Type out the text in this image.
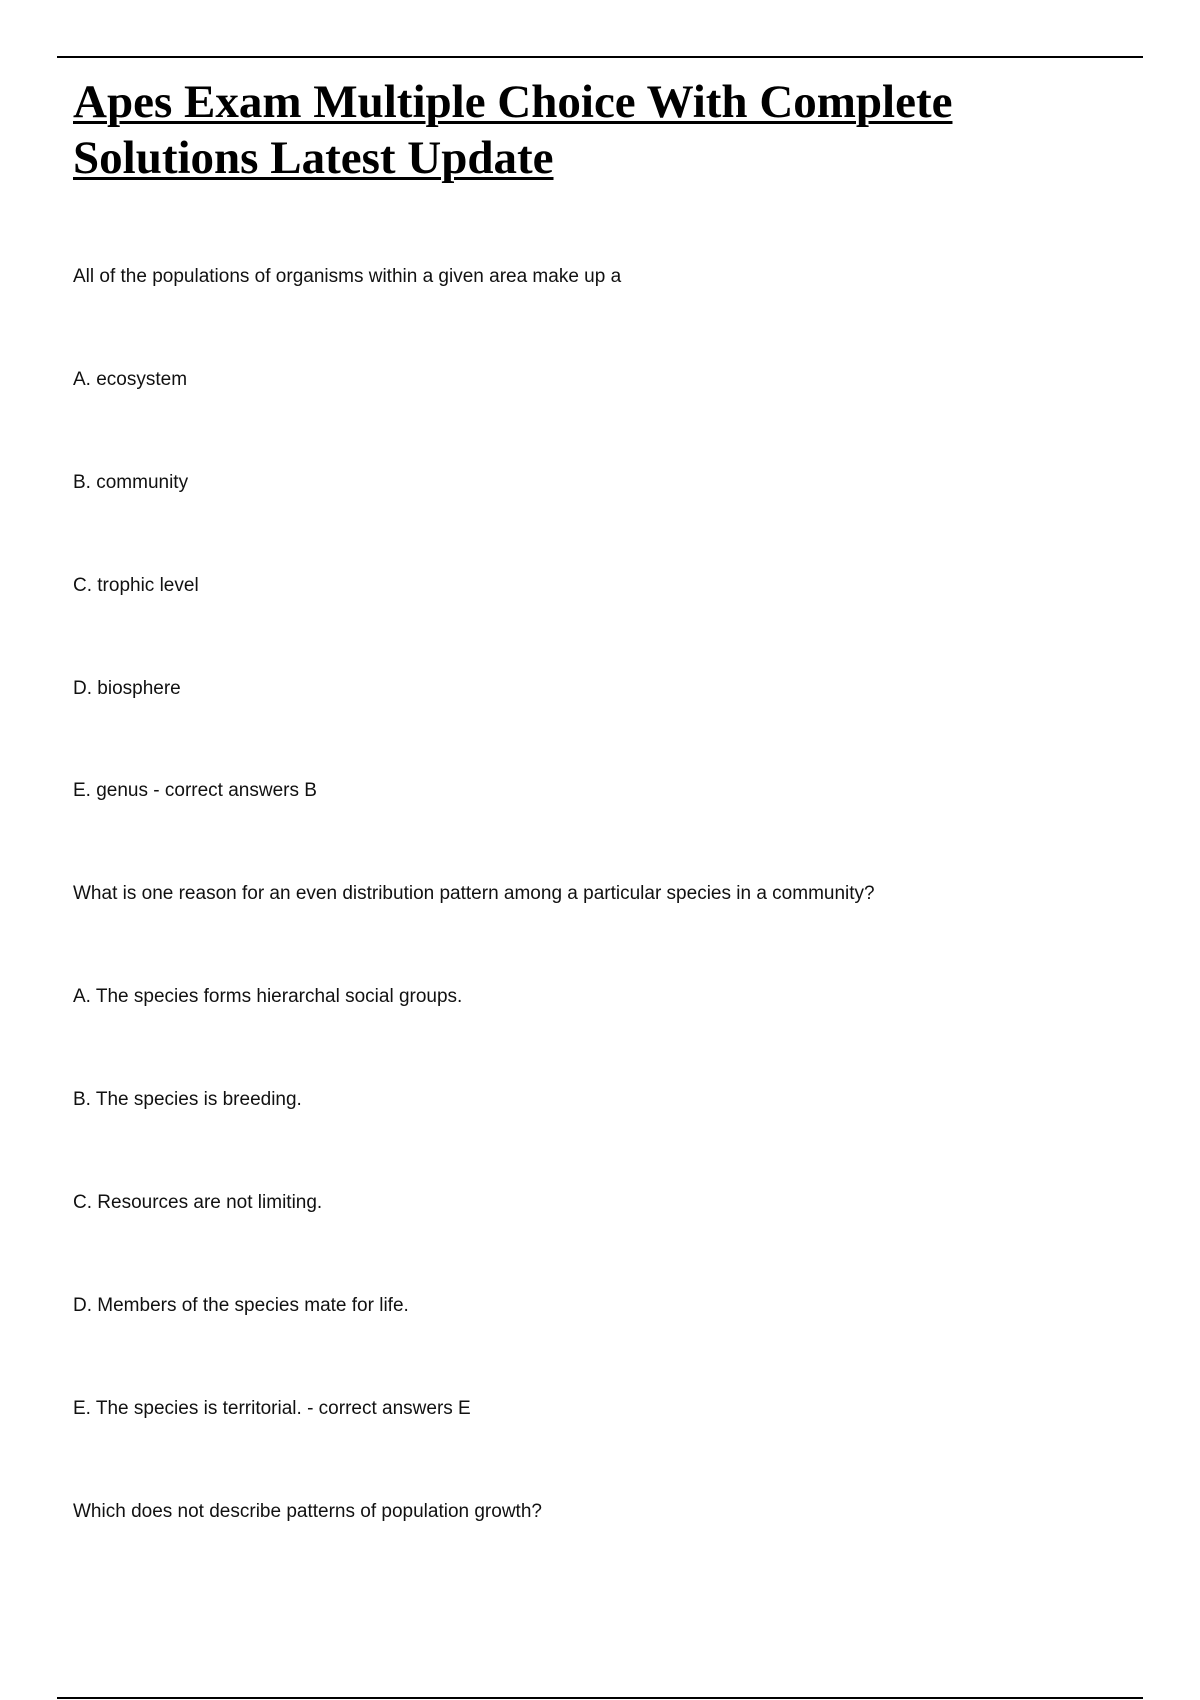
Apes Exam Multiple Choice With Complete
Solutions Latest Update

All of the populations of organisms within a given area make up a

A. ecosystem

B. community

C. trophic level

D. biosphere

E. genus - correct answers B

What is one reason for an even distribution pattern among a particular species in a community?

A. The species forms hierarchal social groups.

B. The species is breeding.

C. Resources are not limiting.

D. Members of the species mate for life.

E. The species is territorial. - correct answers E

Which does not describe patterns of population growth?
